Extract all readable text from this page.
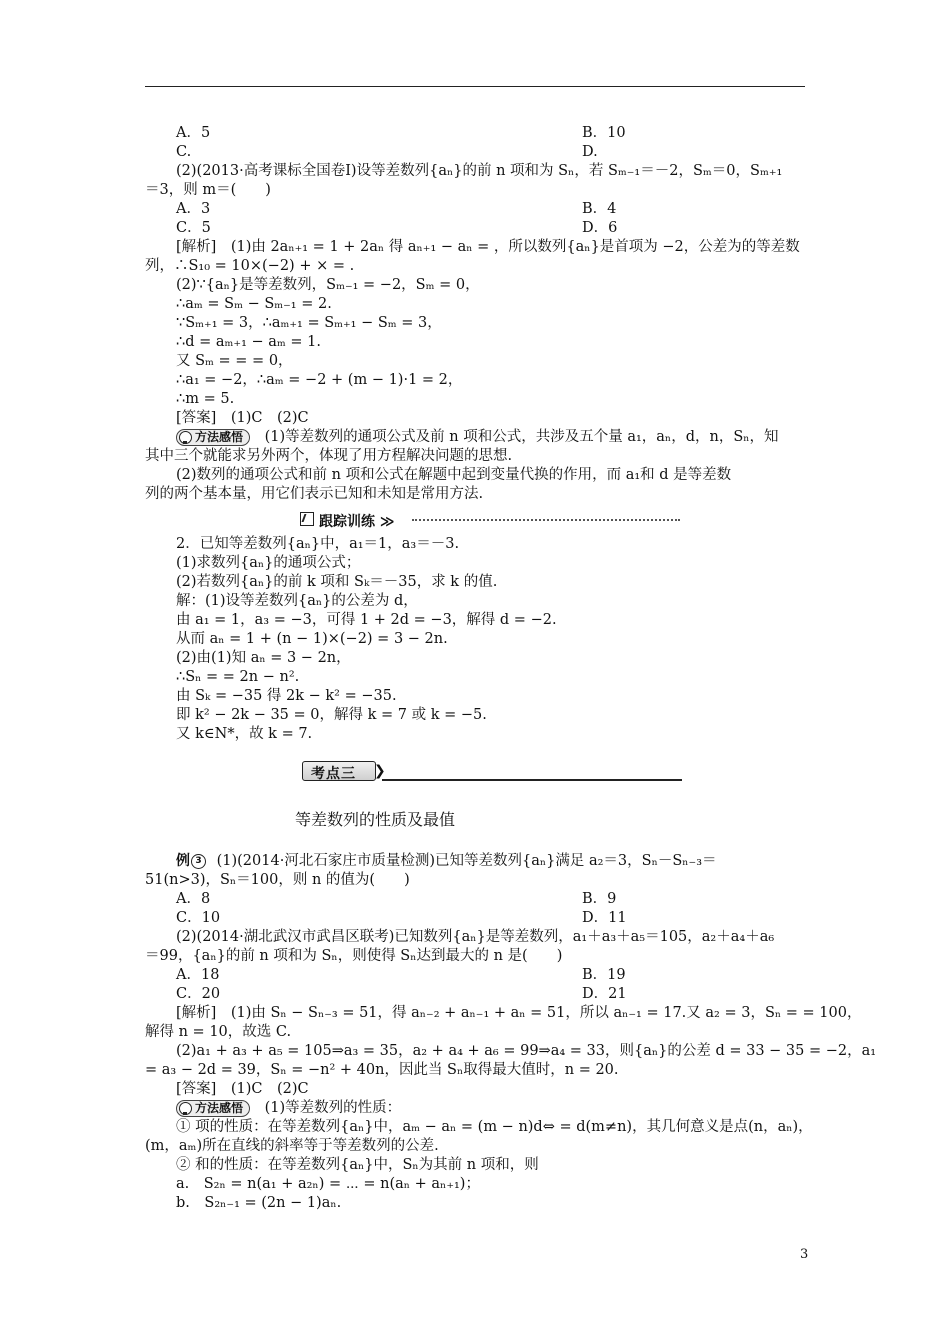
A．5	B．10
C.	D.
(2)(2013·高考课标全国卷Ⅰ)设等差数列{aₙ}的前 n 项和为 Sₙ，若 Sₘ₋₁＝－2，Sₘ＝0，Sₘ₊₁
＝3，则 m＝(　　)
A．3	B．4
C．5	D．6
[解析]　(1)由 2aₙ₊₁ = 1 + 2aₙ 得 aₙ₊₁ − aₙ = ，所以数列{aₙ}是首项为 −2，公差为的等差数
列，∴S₁₀ = 10×(−2) + × = .
(2)∵{aₙ}是等差数列，Sₘ₋₁ = −2，Sₘ = 0，
∴aₘ = Sₘ − Sₘ₋₁ = 2.
∵Sₘ₊₁ = 3，∴aₘ₊₁ = Sₘ₊₁ − Sₘ = 3，
∴d = aₘ₊₁ − aₘ = 1.
又 Sₘ = = = 0，
∴a₁ = −2，∴aₘ = −2 + (m − 1)·1 = 2，
∴m = 5.
[答案]　(1)C　(2)C
方法感悟 (1)等差数列的通项公式及前 n 项和公式，共涉及五个量 a₁，aₙ，d，n，Sₙ，知
其中三个就能求另外两个，体现了用方程解决问题的思想.
(2)数列的通项公式和前 n 项和公式在解题中起到变量代换的作用，而 a₁和 d 是等差数
列的两个基本量，用它们表示已知和未知是常用方法.
跟踪训练 ≫
2．已知等差数列{aₙ}中，a₁＝1，a₃＝－3.
(1)求数列{aₙ}的通项公式；
(2)若数列{aₙ}的前 k 项和 Sₖ＝－35，求 k 的值.
解：(1)设等差数列{aₙ}的公差为 d，
由 a₁ = 1，a₃ = −3，可得 1 + 2d = −3，解得 d = −2.
从而 aₙ = 1 + (n − 1)×(−2) = 3 − 2n.
(2)由(1)知 aₙ = 3 − 2n，
∴Sₙ = = 2n − n².
由 Sₖ = −35 得 2k − k² = −35.
即 k² − 2k − 35 = 0，解得 k = 7 或 k = −5.
又 k∈N*，故 k = 7.
考点三 ❯
等差数列的性质及最值
例 3 (1)(2014·河北石家庄市质量检测)已知等差数列{aₙ}满足 a₂＝3，Sₙ－Sₙ₋₃＝
51(n>3)，Sₙ＝100，则 n 的值为(　　)
A．8	B．9
C．10	D．11
(2)(2014·湖北武汉市武昌区联考)已知数列{aₙ}是等差数列，a₁＋a₃＋a₅＝105，a₂＋a₄＋a₆
＝99，{aₙ}的前 n 项和为 Sₙ，则使得 Sₙ达到最大的 n 是(　　)
A．18	B．19
C．20	D．21
[解析]　(1)由 Sₙ − Sₙ₋₃ = 51，得 aₙ₋₂ + aₙ₋₁ + aₙ = 51，所以 aₙ₋₁ = 17.又 a₂ = 3，Sₙ = = 100，
解得 n = 10，故选 C.
(2)a₁ + a₃ + a₅ = 105⇒a₃ = 35，a₂ + a₄ + a₆ = 99⇒a₄ = 33，则{aₙ}的公差 d = 33 − 35 = −2，a₁
= a₃ − 2d = 39，Sₙ = −n² + 40n，因此当 Sₙ取得最大值时，n = 20.
[答案]　(1)C　(2)C
方法感悟 (1)等差数列的性质：
① 项的性质：在等差数列{aₙ}中，aₘ − aₙ = (m − n)d⇔ = d(m≠n)，其几何意义是点(n，aₙ)，
(m，aₘ)所在直线的斜率等于等差数列的公差.
② 和的性质：在等差数列{aₙ}中，Sₙ为其前 n 项和，则
a.　S₂ₙ = n(a₁ + a₂ₙ) = ⋯ = n(aₙ + aₙ₊₁)；
b.　S₂ₙ₋₁ = (2n − 1)aₙ.
3
